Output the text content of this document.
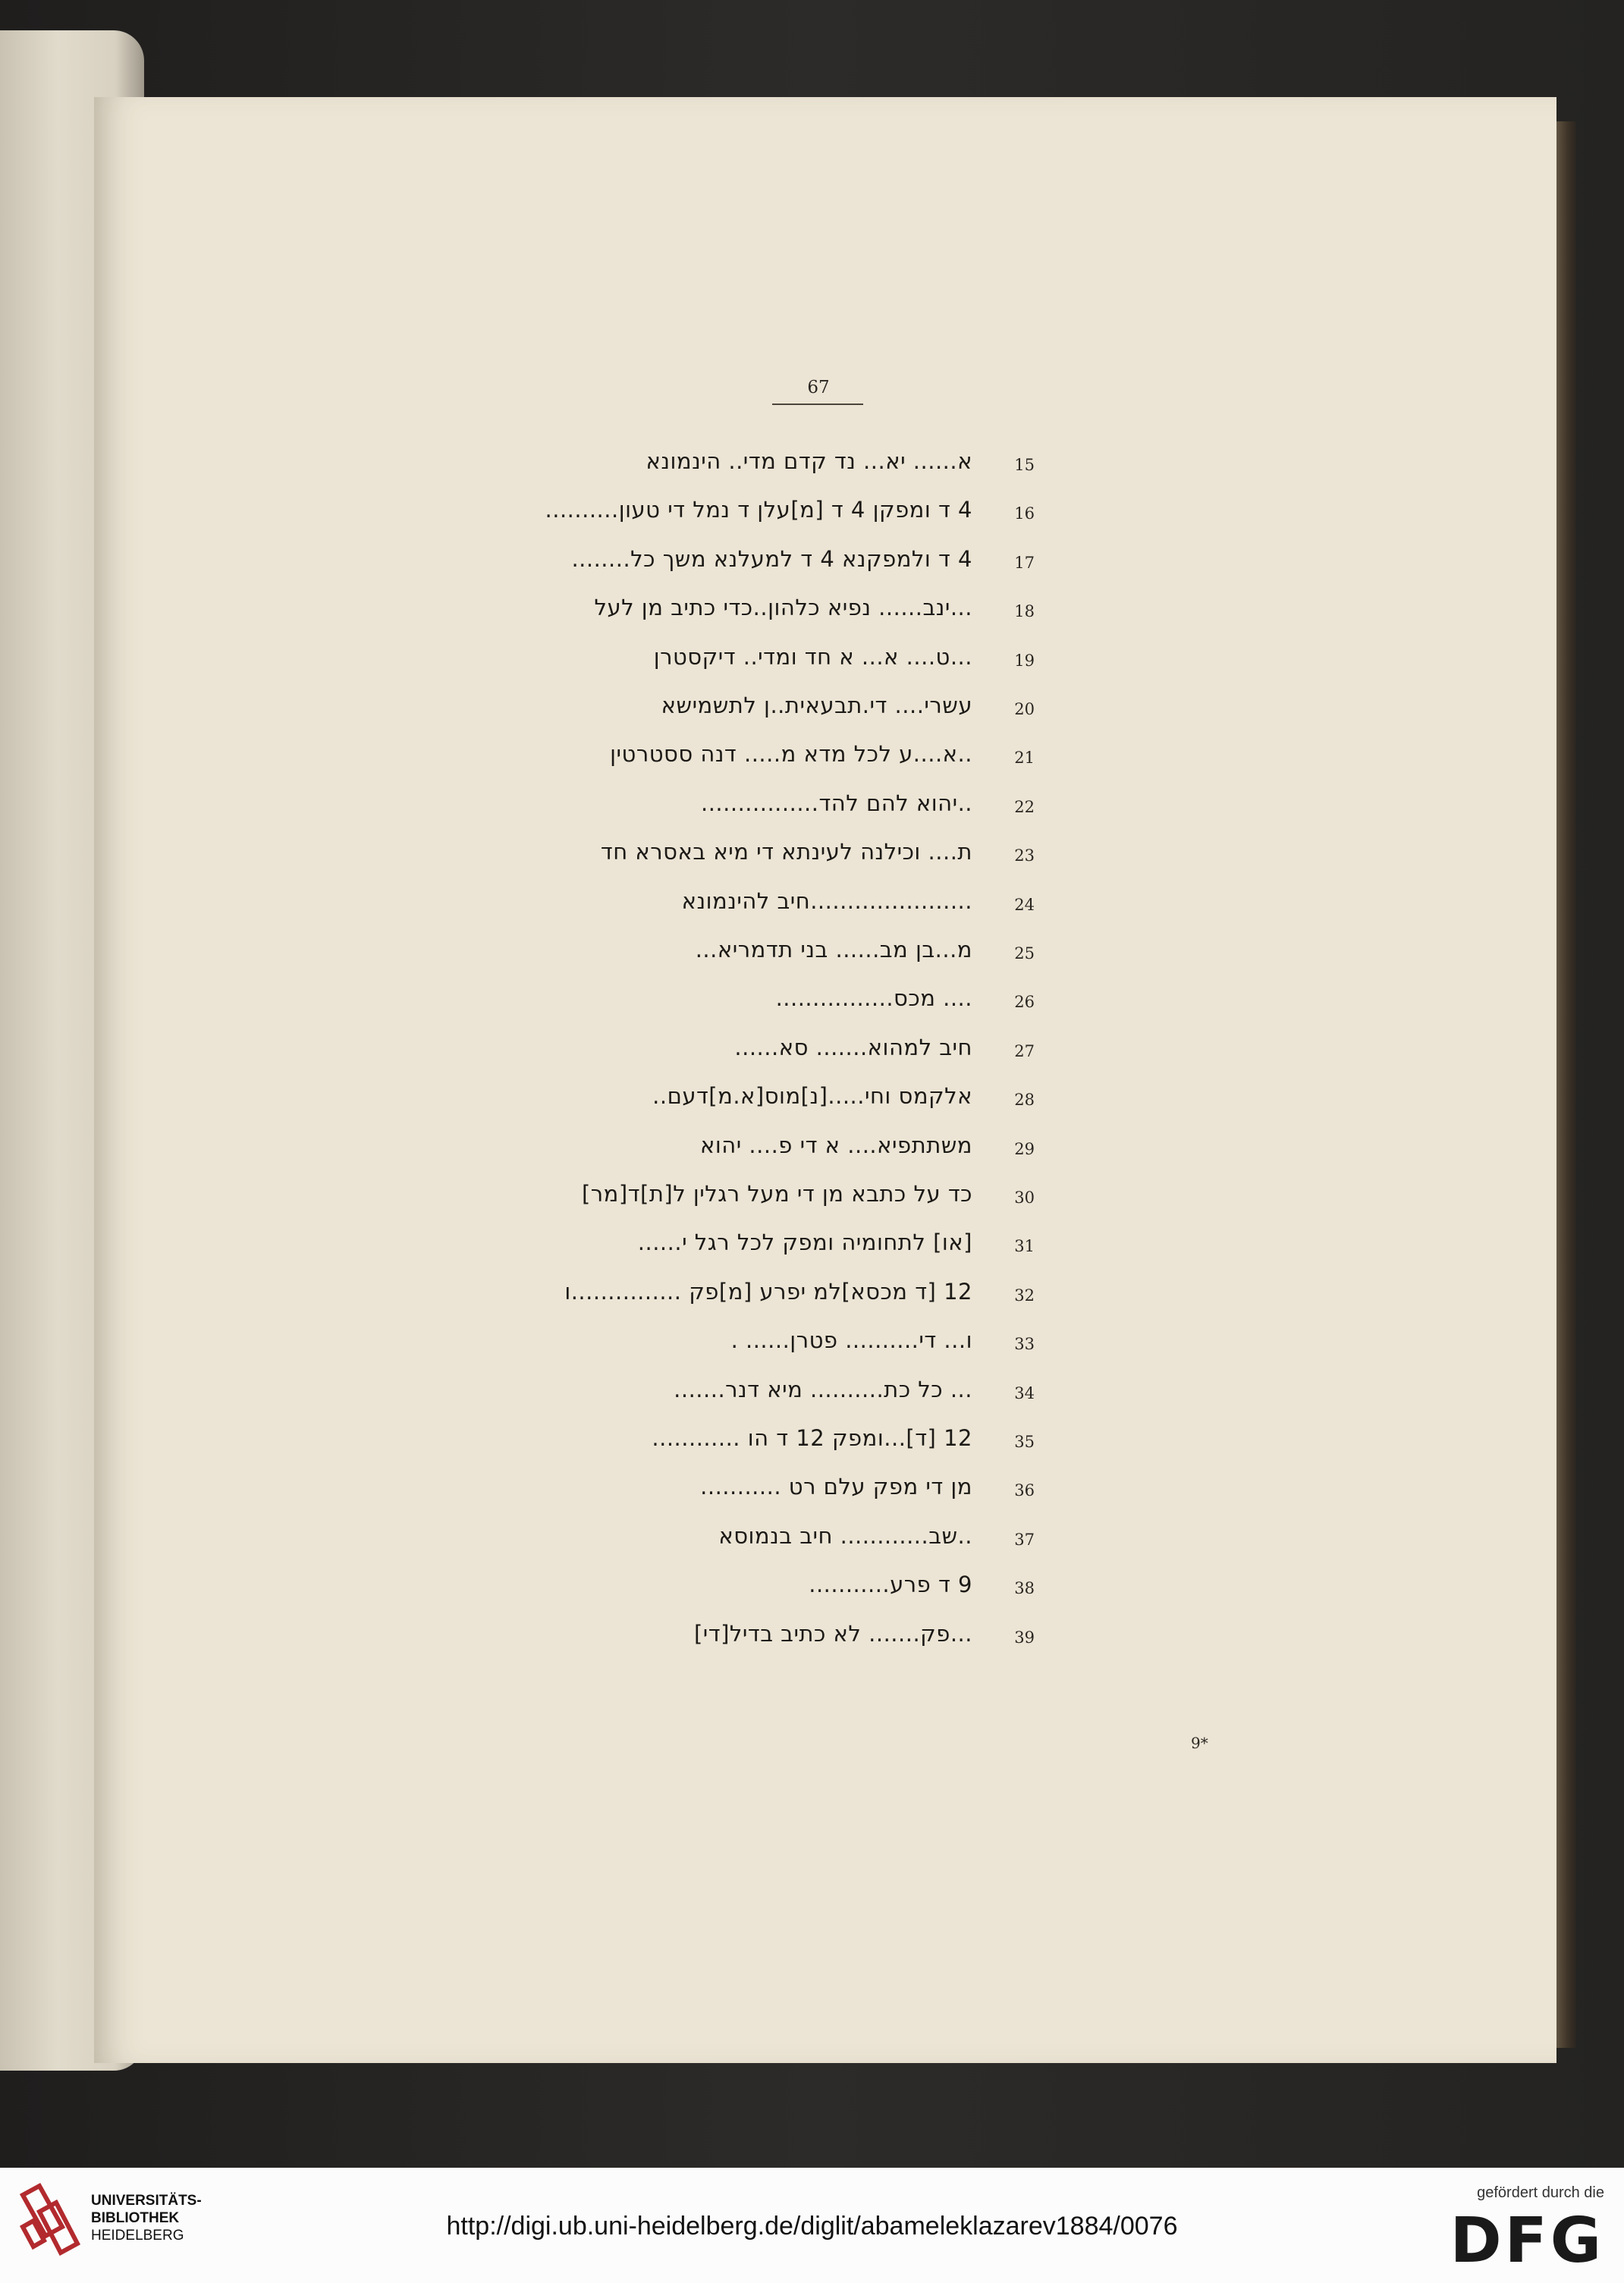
67
15
א...... יא... נד קדם מדי.. הינמונא
16
4 ד ומפקן 4 ד [מ]עלן ד נמל די טעון..........
17
4 ד ולמפקנא 4 ד למעלנא משך כל........
18
...ינב...... נפיא כלהון..כדי כתיב מן לעל
19
...ט.... א... א חד ומדי.. דיקסטרן
20
עשרי.... די.תבעאית..ן לתשמישא
21
..א....ע לכל מדא מ..... דנה ססטרטין
22
..יהוא להם להד................
23
ת.... וכילנה לעינתא די מיא באסרא חד
24
......................חיב להינמונא
25
מ...בן מב...... בני תדמריא...
26
.... מכס................
27
חיב למהוא....... סא......
28
אלקמס וחי.....[נ]מוס[א.מ]דעם..
29
משתתפיא.... א די פ.... יהוא
30
כד על כתבא מן די מעל רגלין ל[ת]ד[מר]
31
[או] לתחומיה ומפק לכל רגל י......
32
12 [ד מכסא]למ יפרע [מ]פק ...............ו
33
ו... די.......... פטרן...... .
34
... כל כת.......... מיא דנר.......
35
12 [ד]...ומפק 12 ד הו ............
36
מן די מפק עלם רט ...........
37
..שב............ חיב בנמוסא
38
9 ד פרע...........
39
...פק....... לא כתיב בדיל[די]
9*
UNIVERSITÄTS-
BIBLIOTHEK
HEIDELBERG	http://digi.ub.uni-heidelberg.de/diglit/abameleklazarev1884/0076
gefördert durch die
DFG
